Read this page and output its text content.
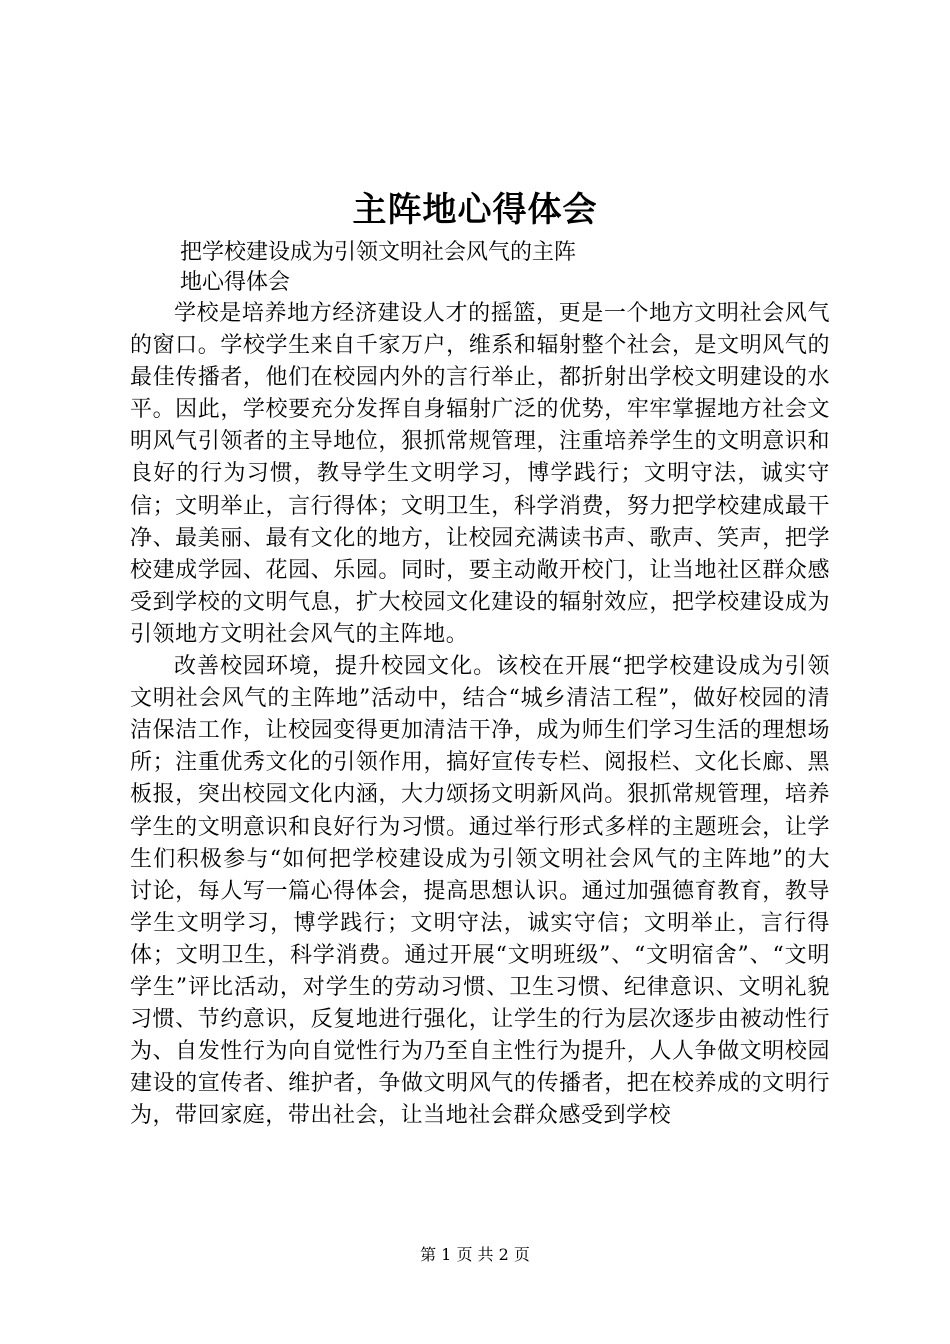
主阵地心得体会

把学校建设成为引领文明社会风气的主阵

地心得体会

学校是培养地方经济建设人才的摇篮，更是一个地方文明社会风气的窗口。学校学生来自千家万户，维系和辐射整个社会，是文明风气的最佳传播者，他们在校园内外的言行举止，都折射出学校文明建设的水平。因此，学校要充分发挥自身辐射广泛的优势，牢牢掌握地方社会文明风气引领者的主导地位，狠抓常规管理，注重培养学生的文明意识和良好的行为习惯，教导学生文明学习，博学践行；文明守法，诚实守信；文明举止，言行得体；文明卫生，科学消费，努力把学校建成最干净、最美丽、最有文化的地方，让校园充满读书声、歌声、笑声，把学校建成学园、花园、乐园。同时，要主动敞开校门，让当地社区群众感受到学校的文明气息，扩大校园文化建设的辐射效应，把学校建设成为引领地方文明社会风气的主阵地。

改善校园环境，提升校园文化。该校在开展“把学校建设成为引领文明社会风气的主阵地”活动中，结合“城乡清洁工程”，做好校园的清洁保洁工作，让校园变得更加清洁干净，成为师生们学习生活的理想场所；注重优秀文化的引领作用，搞好宣传专栏、阅报栏、文化长廊、黑板报，突出校园文化内涵，大力颂扬文明新风尚。狠抓常规管理，培养学生的文明意识和良好行为习惯。通过举行形式多样的主题班会，让学生们积极参与“如何把学校建设成为引领文明社会风气的主阵地”的大讨论，每人写一篇心得体会，提高思想认识。通过加强德育教育，教导学生文明学习，博学践行；文明守法，诚实守信；文明举止，言行得体；文明卫生，科学消费。通过开展“文明班级”、“文明宿舍”、“文明学生”评比活动，对学生的劳动习惯、卫生习惯、纪律意识、文明礼貌习惯、节约意识，反复地进行强化，让学生的行为层次逐步由被动性行为、自发性行为向自觉性行为乃至自主性行为提升，人人争做文明校园建设的宣传者、维护者，争做文明风气的传播者，把在校养成的文明行为，带回家庭，带出社会，让当地社会群众感受到学校

第 1 页 共 2 页
